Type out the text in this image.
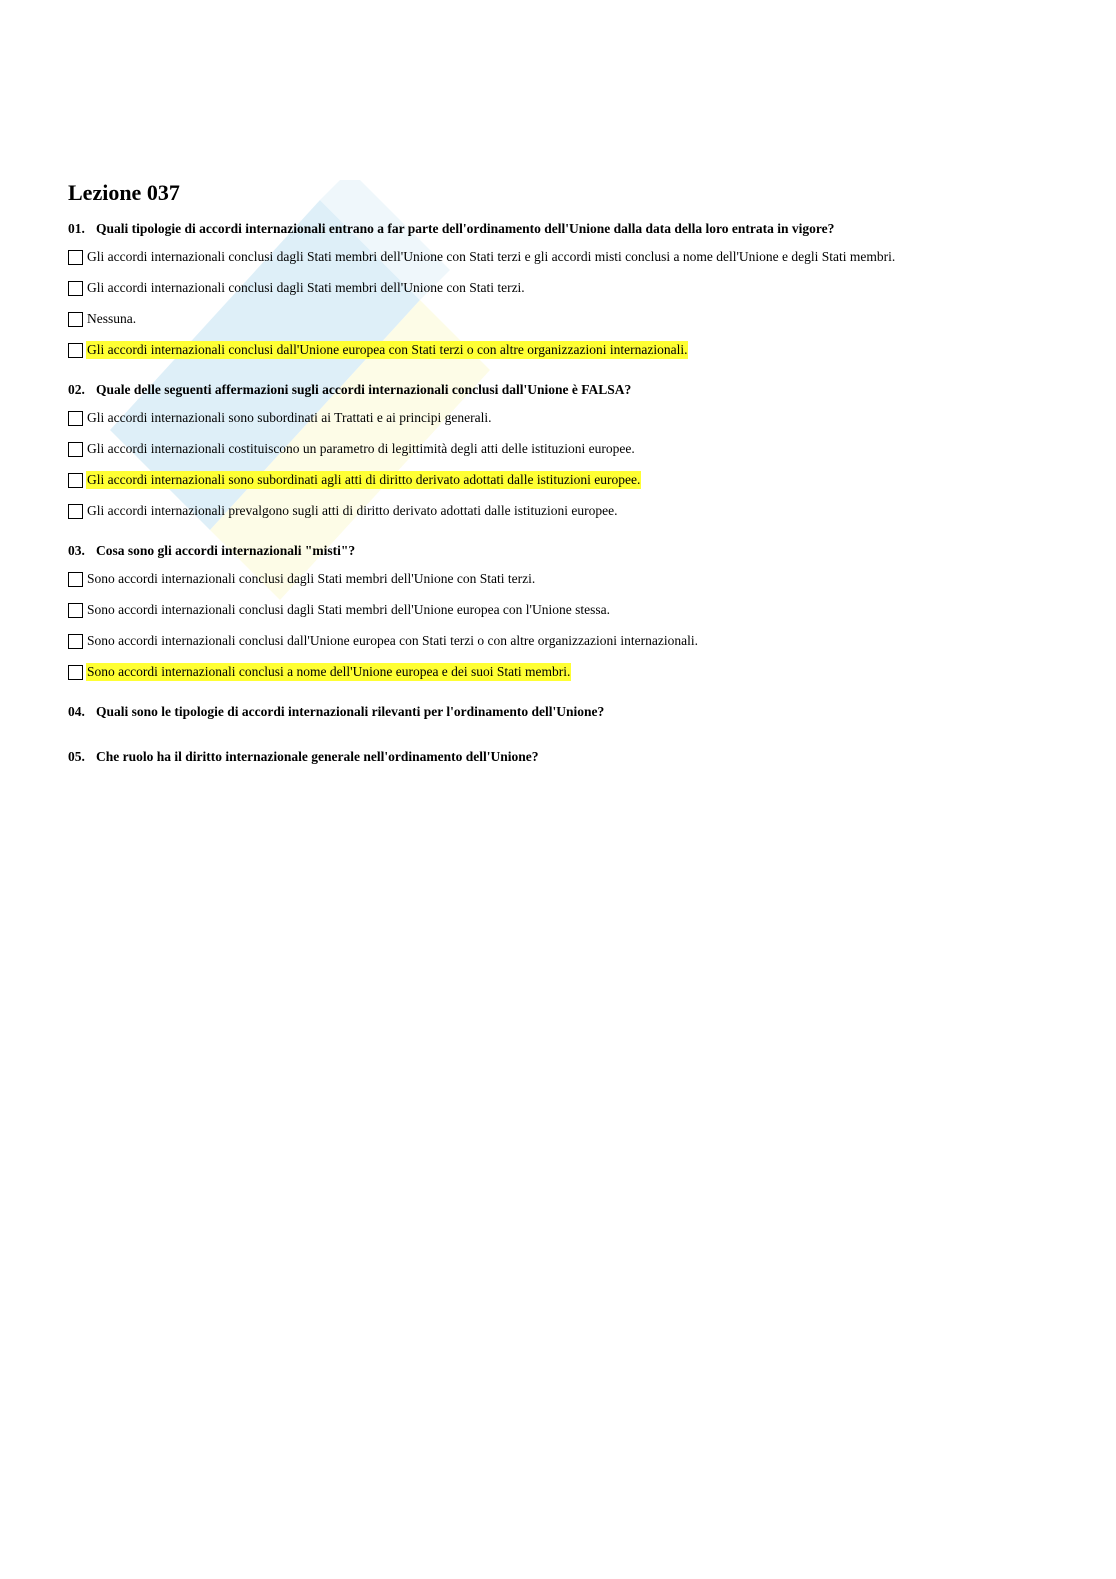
Lezione 037
01. Quali tipologie di accordi internazionali entrano a far parte dell'ordinamento dell'Unione dalla data della loro entrata in vigore?
Gli accordi internazionali conclusi dagli Stati membri dell'Unione con Stati terzi e gli accordi misti conclusi a nome dell'Unione e degli Stati membri.
Gli accordi internazionali conclusi dagli Stati membri dell'Unione con Stati terzi.
Nessuna.
Gli accordi internazionali conclusi dall'Unione europea con Stati terzi o con altre organizzazioni internazionali.
02. Quale delle seguenti affermazioni sugli accordi internazionali conclusi dall'Unione è FALSA?
Gli accordi internazionali sono subordinati ai Trattati e ai principi generali.
Gli accordi internazionali costituiscono un parametro di legittimità degli atti delle istituzioni europee.
Gli accordi internazionali sono subordinati agli atti di diritto derivato adottati dalle istituzioni europee.
Gli accordi internazionali prevalgono sugli atti di diritto derivato adottati dalle istituzioni europee.
03. Cosa sono gli accordi internazionali "misti"?
Sono accordi internazionali conclusi dagli Stati membri dell'Unione con Stati terzi.
Sono accordi internazionali conclusi dagli Stati membri dell'Unione europea con l'Unione stessa.
Sono accordi internazionali conclusi dall'Unione europea con Stati terzi o con altre organizzazioni internazionali.
Sono accordi internazionali conclusi a nome dell'Unione europea e dei suoi Stati membri.
04. Quali sono le tipologie di accordi internazionali rilevanti per l'ordinamento dell'Unione?
05. Che ruolo ha il diritto internazionale generale nell'ordinamento dell'Unione?
